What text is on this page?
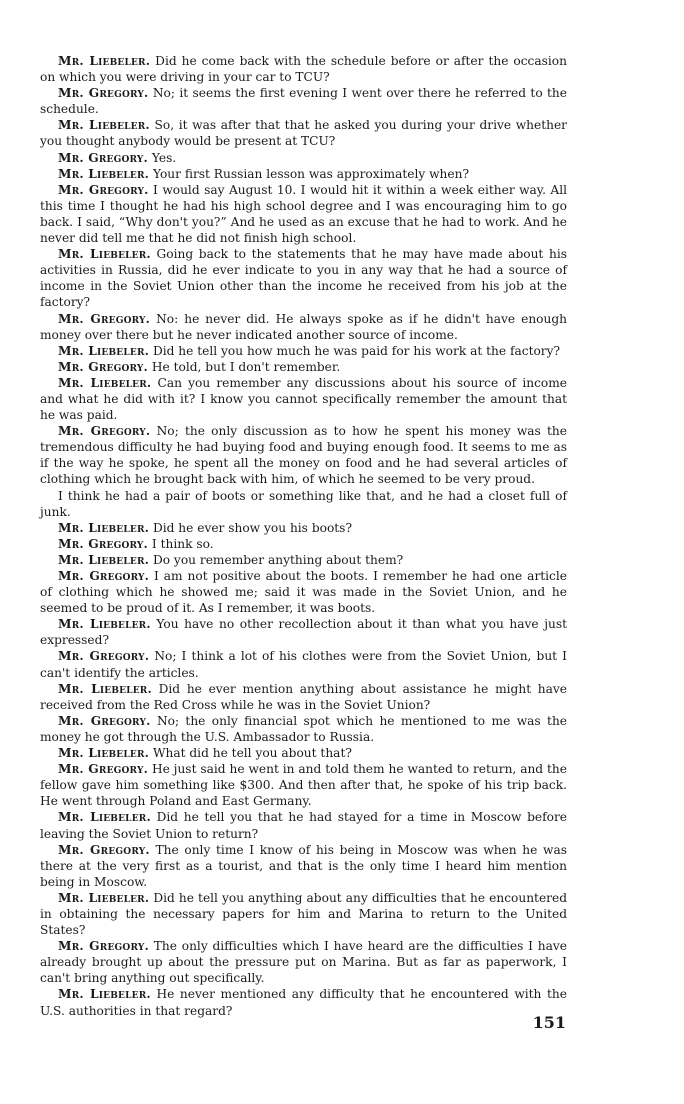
Mr. Liebeler. Did he come back with the schedule before or after the occasion on which you were driving in your car to TCU?

Mr. Gregory. No; it seems the first evening I went over there he referred to the schedule.

Mr. Liebeler. So, it was after that that he asked you during your drive whether you thought anybody would be present at TCU?

Mr. Gregory. Yes.

Mr. Liebeler. Your first Russian lesson was approximately when?

Mr. Gregory. I would say August 10. I would hit it within a week either way. All this time I thought he had his high school degree and I was encouraging him to go back. I said, “Why don't you?” And he used as an excuse that he had to work. And he never did tell me that he did not finish high school.

Mr. Liebeler. Going back to the statements that he may have made about his activities in Russia, did he ever indicate to you in any way that he had a source of income in the Soviet Union other than the income he received from his job at the factory?

Mr. Gregory. No: he never did. He always spoke as if he didn't have enough money over there but he never indicated another source of income.

Mr. Liebeler. Did he tell you how much he was paid for his work at the factory?

Mr. Gregory. He told, but I don't remember.

Mr. Liebeler. Can you remember any discussions about his source of income and what he did with it? I know you cannot specifically remember the amount that he was paid.

Mr. Gregory. No; the only discussion as to how he spent his money was the tremendous difficulty he had buying food and buying enough food. It seems to me as if the way he spoke, he spent all the money on food and he had several articles of clothing which he brought back with him, of which he seemed to be very proud.

I think he had a pair of boots or something like that, and he had a closet full of junk.

Mr. Liebeler. Did he ever show you his boots?

Mr. Gregory. I think so.

Mr. Liebeler. Do you remember anything about them?

Mr. Gregory. I am not positive about the boots. I remember he had one article of clothing which he showed me; said it was made in the Soviet Union, and he seemed to be proud of it. As I remember, it was boots.

Mr. Liebeler. You have no other recollection about it than what you have just expressed?

Mr. Gregory. No; I think a lot of his clothes were from the Soviet Union, but I can't identify the articles.

Mr. Liebeler. Did he ever mention anything about assistance he might have received from the Red Cross while he was in the Soviet Union?

Mr. Gregory. No; the only financial spot which he mentioned to me was the money he got through the U.S. Ambassador to Russia.

Mr. Liebeler. What did he tell you about that?

Mr. Gregory. He just said he went in and told them he wanted to return, and the fellow gave him something like $300. And then after that, he spoke of his trip back. He went through Poland and East Germany.

Mr. Liebeler. Did he tell you that he had stayed for a time in Moscow before leaving the Soviet Union to return?

Mr. Gregory. The only time I know of his being in Moscow was when he was there at the very first as a tourist, and that is the only time I heard him mention being in Moscow.

Mr. Liebeler. Did he tell you anything about any difficulties that he encountered in obtaining the necessary papers for him and Marina to return to the United States?

Mr. Gregory. The only difficulties which I have heard are the difficulties I have already brought up about the pressure put on Marina. But as far as paperwork, I can't bring anything out specifically.

Mr. Liebeler. He never mentioned any difficulty that he encountered with the U.S. authorities in that regard?

151
